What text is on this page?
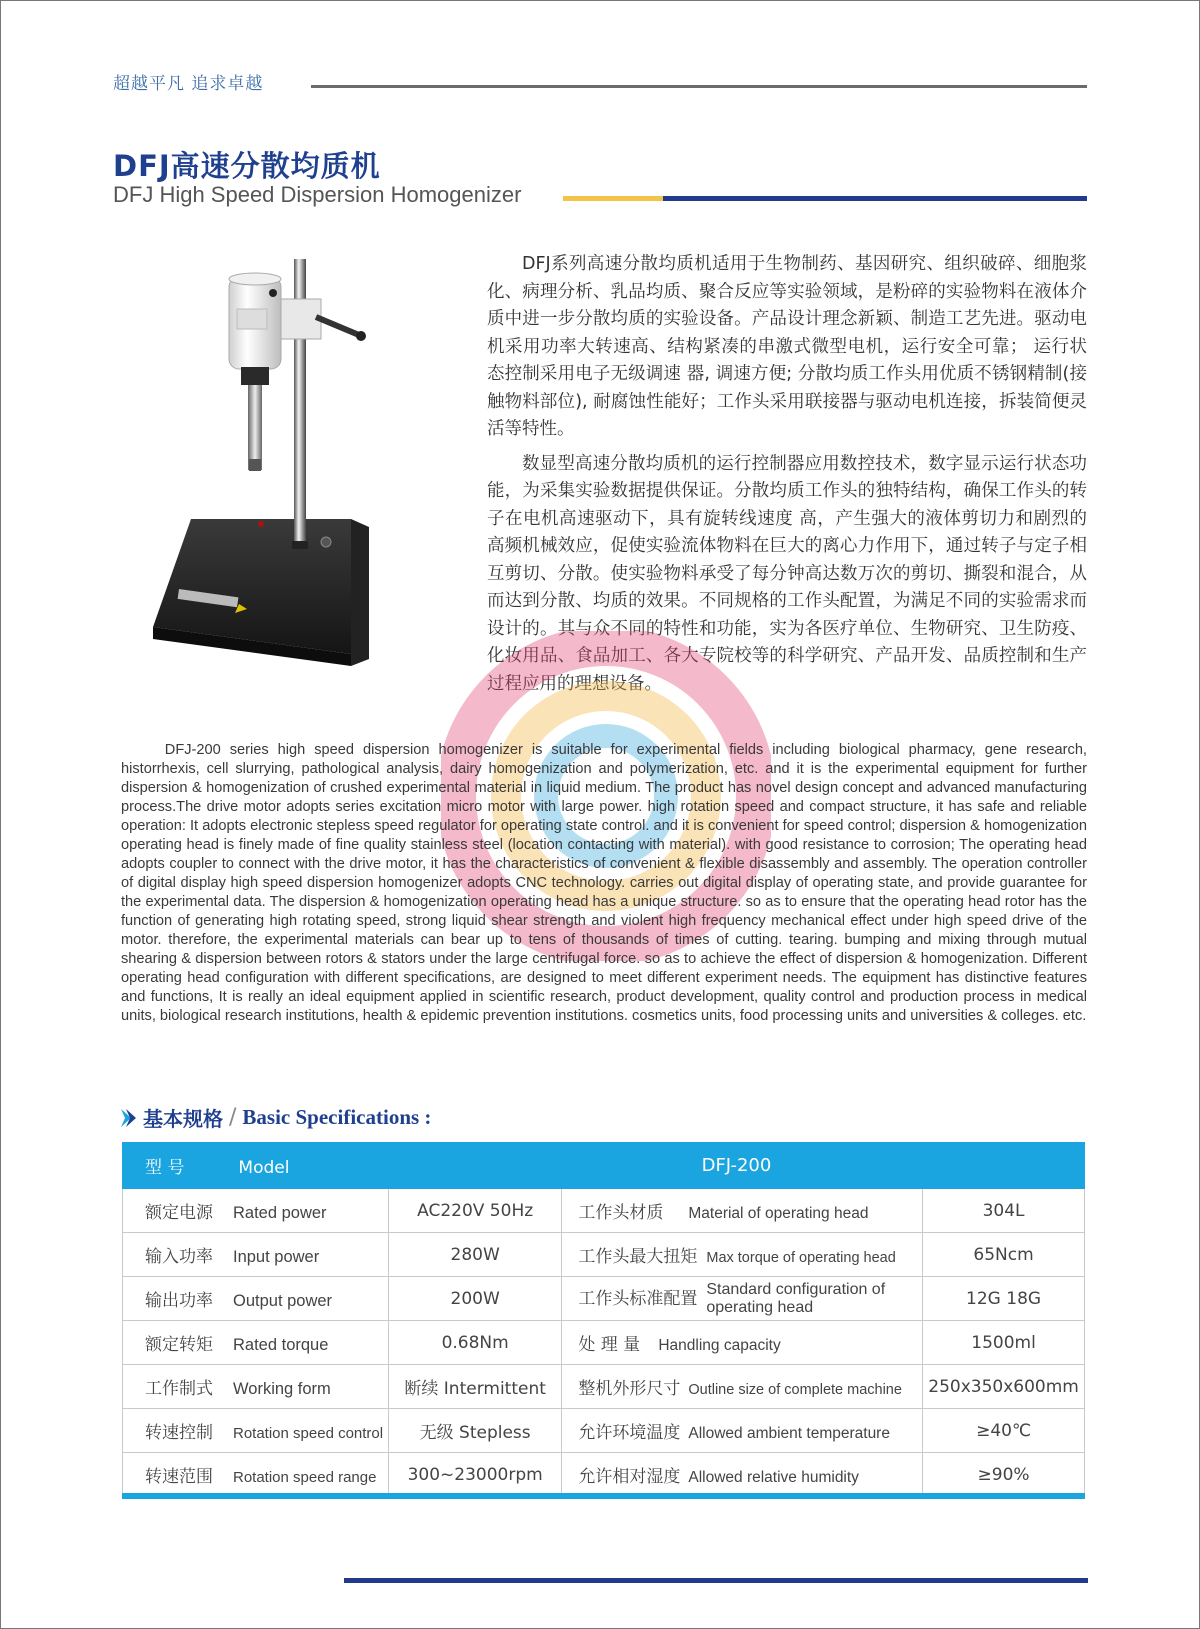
超越平凡 追求卓越
DFJ高速分散均质机
DFJ High Speed Dispersion Homogenizer

DFJ系列高速分散均质机适用于生物制药、基因研究、组织破碎、细胞浆化、病理分析、乳品均质、聚合反应等实验领域，是粉碎的实验物料在液体介质中进一步分散均质的实验设备。产品设计理念新颖、制造工艺先进。驱动电机采用功率大转速高、结构紧凑的串激式微型电机，运行安全可靠； 运行状态控制采用电子无级调速 器, 调速方便; 分散均质工作头用优质不锈钢精制(接触物料部位), 耐腐蚀性能好；工作头采用联接器与驱动电机连接，拆装简便灵活等特性。

数显型高速分散均质机的运行控制器应用数控技术，数字显示运行状态功能，为采集实验数据提供保证。分散均质工作头的独特结构，确保工作头的转子在电机高速驱动下，具有旋转线速度 高，产生强大的液体剪切力和剧烈的高频机械效应，促使实验流体物料在巨大的离心力作用下，通过转子与定子相互剪切、分散。使实验物料承受了每分钟高达数万次的剪切、撕裂和混合，从而达到分散、均质的效果。不同规格的工作头配置，为满足不同的实验需求而设计的。其与众不同的特性和功能，实为各医疗单位、生物研究、卫生防疫、化妆用品、食品加工、各大专院校等的科学研究、产品开发、品质控制和生产过程应用的理想设备。

DFJ-200 series high speed dispersion homogenizer is suitable for experimental fields including biological pharmacy, gene research, historrhexis, cell slurrying, pathological analysis, dairy homogenization and polymerization, etc. and it is the experimental equipment for further dispersion & homogenization of crushed experimental material in liquid medium. The product has novel design concept and advanced manufacturing process.The drive motor adopts series excitation micro motor with large power. high rotation speed and compact structure, it has safe and reliable operation: It adopts electronic stepless speed regulator for operating state control. and it is convenient for speed control; dispersion & homogenization operating head is finely made of fine quality stainless steel (location contacting with material). with good resistance to corrosion; The operating head adopts coupler to connect with the drive motor, it has the characteristics of convenient & flexible disassembly and assembly. The operation controller of digital display high speed dispersion homogenizer adopts CNC technology. carries out digital display of operating state, and provide guarantee for the experimental data. The dispersion & homogenization operating head has a unique structure. so as to ensure that the operating head rotor has the function of generating high rotating speed, strong liquid shear strength and violent high frequency mechanical effect under high speed drive of the motor. therefore, the experimental materials can bear up to tens of thousands of times of cutting. tearing. bumping and mixing through mutual shearing & dispersion between rotors & stators under the large centrifugal force. so as to achieve the effect of dispersion & homogenization. Different operating head configuration with different specifications, are designed to meet different experiment needs. The equipment has distinctive features and functions, It is really an ideal equipment applied in scientific research, product development, quality control and production process in medical units, biological research institutions, health & epidemic prevention institutions. cosmetics units, food processing units and universities & colleges. etc.
基本规格 / Basic Specifications :
型 号 Model	DFJ-200		
额定电源 Rated power	AC220V 50Hz	工作头材质 Material of operating head	304L
输入功率 Input power	280W	工作头最大扭矩 Max torque of operating head	65Ncm
输出功率 Output power	200W	工作头标准配置 Standard configuration of operating head	12G 18G
额定转矩 Rated torque	0.68Nm	处 理 量 Handling capacity	1500ml
工作制式 Working form	断续 Intermittent	整机外形尺寸 Outline size of complete machine	250x350x600mm
转速控制 Rotation speed control	无级 Stepless	允许环境温度 Allowed ambient temperature	≥40℃
转速范围 Rotation speed range	300~23000rpm	允许相对湿度 Allowed relative humidity	≥90%
